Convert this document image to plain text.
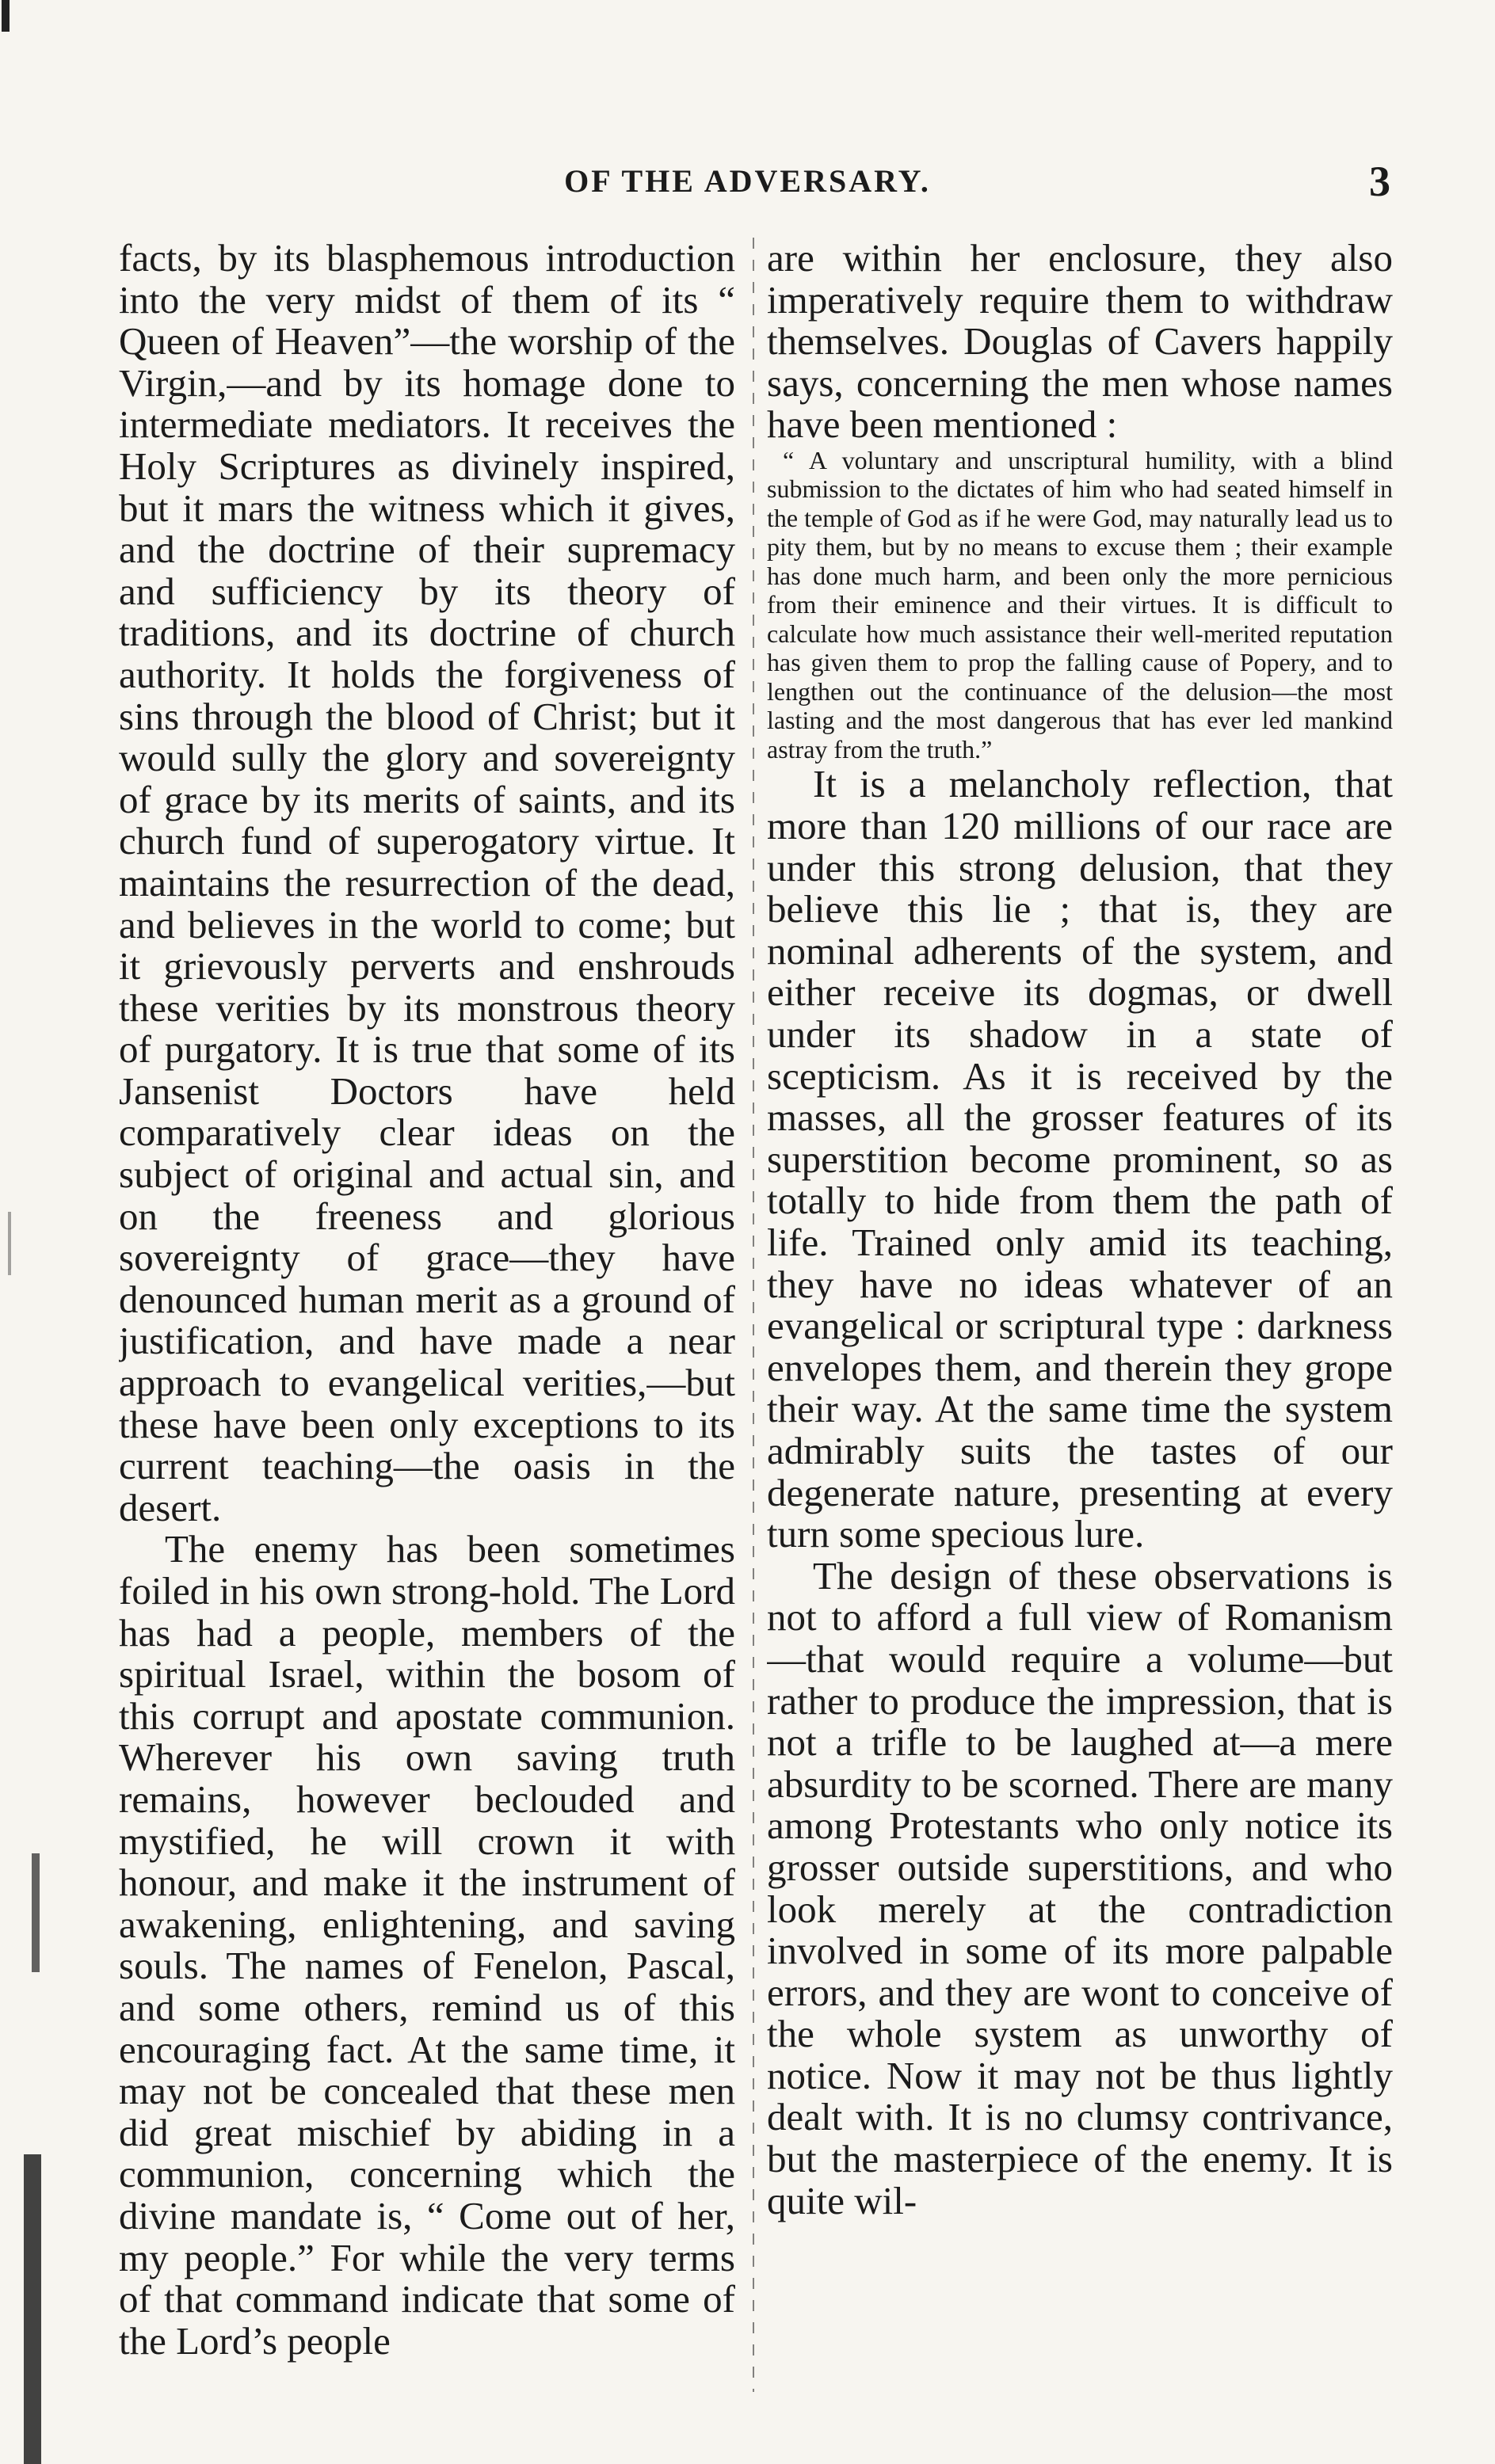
OF THE ADVERSARY.	3

facts, by its blasphemous introduction into the very midst of them of its “ Queen of Heaven”—the worship of the Virgin,—and by its homage done to intermediate mediators. It receives the Holy Scriptures as divinely inspired, but it mars the witness which it gives, and the doctrine of their supremacy and sufficiency by its theory of traditions, and its doctrine of church authority. It holds the forgiveness of sins through the blood of Christ; but it would sully the glory and sovereignty of grace by its merits of saints, and its church fund of superogatory virtue. It maintains the resurrection of the dead, and believes in the world to come; but it grievously perverts and enshrouds these verities by its monstrous theory of purgatory. It is true that some of its Jansenist Doctors have held comparatively clear ideas on the subject of original and actual sin, and on the freeness and glorious sovereignty of grace—they have denounced human merit as a ground of justification, and have made a near approach to evangelical verities,—but these have been only exceptions to its current teaching—the oasis in the desert.

The enemy has been sometimes foiled in his own strong-hold. The Lord has had a people, members of the spiritual Israel, within the bosom of this corrupt and apostate communion. Wherever his own saving truth remains, however beclouded and mystified, he will crown it with honour, and make it the instrument of awakening, enlightening, and saving souls. The names of Fenelon, Pascal, and some others, remind us of this encouraging fact. At the same time, it may not be concealed that these men did great mischief by abiding in a communion, concerning which the divine mandate is, “ Come out of her, my people.” For while the very terms of that command indicate that some of the Lord’s people

are within her enclosure, they also imperatively require them to withdraw themselves. Douglas of Cavers happily says, concerning the men whose names have been mentioned :

“ A voluntary and unscriptural humility, with a blind submission to the dictates of him who had seated himself in the temple of God as if he were God, may naturally lead us to pity them, but by no means to excuse them ; their example has done much harm, and been only the more pernicious from their eminence and their virtues. It is difficult to calculate how much assistance their well-merited reputation has given them to prop the falling cause of Popery, and to lengthen out the continuance of the delusion—the most lasting and the most dangerous that has ever led mankind astray from the truth.”

It is a melancholy reflection, that more than 120 millions of our race are under this strong delusion, that they believe this lie ; that is, they are nominal adherents of the system, and either receive its dogmas, or dwell under its shadow in a state of scepticism. As it is received by the masses, all the grosser features of its superstition become prominent, so as totally to hide from them the path of life. Trained only amid its teaching, they have no ideas whatever of an evangelical or scriptural type : darkness envelopes them, and therein they grope their way. At the same time the system admirably suits the tastes of our degenerate nature, presenting at every turn some specious lure.

The design of these observations is not to afford a full view of Romanism—that would require a volume—but rather to produce the impression, that is not a trifle to be laughed at—a mere absurdity to be scorned. There are many among Protestants who only notice its grosser outside superstitions, and who look merely at the contradiction involved in some of its more palpable errors, and they are wont to conceive of the whole system as unworthy of notice. Now it may not be thus lightly dealt with. It is no clumsy contrivance, but the masterpiece of the enemy. It is quite wil-
